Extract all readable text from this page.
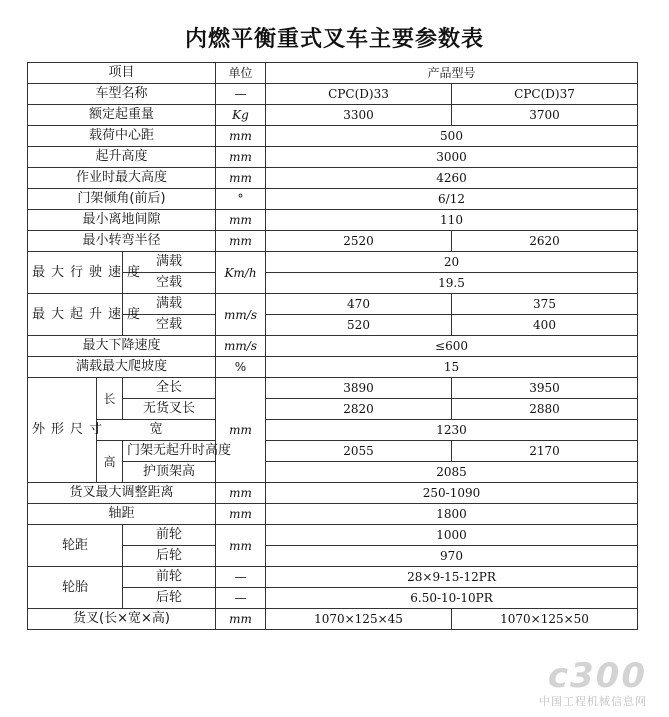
内燃平衡重式叉车主要参数表
项目			单位	产品型号	
车型名称			—	CPC(D)33	CPC(D)37
额定起重量			Kg	3300	3700
载荷中心距			mm	500	
起升高度			mm	3000	
作业时最大高度			mm	4260	
门架倾角(前后)			°	6/12	
最小离地间隙			mm	110	
最小转弯半径			mm	2520	2620
最大行驶速度		满载	Km/h	20	
		空载		19.5	
最大起升速度		满载	mm/s	470	375
		空载		520	400
最大下降速度			mm/s	≤600	
满载最大爬坡度			%	15	
外形尺寸	长	全长	mm	3890	3950
		无货叉长		2820	2880
	宽			1230	
	高	门架无起升时高度		2055	2170

		护顶架高		2085	
货叉最大调整距离			mm	250-1090	
轴距			mm	1800	
轮距		前轮	mm	1000	
		后轮		970	
轮胎		前轮	—	28×9-15-12PR	
		后轮	—	6.50-10-10PR	
货叉(长×宽×高)			mm	1070×125×45	1070×125×50
c300
中国工程机械信息网
